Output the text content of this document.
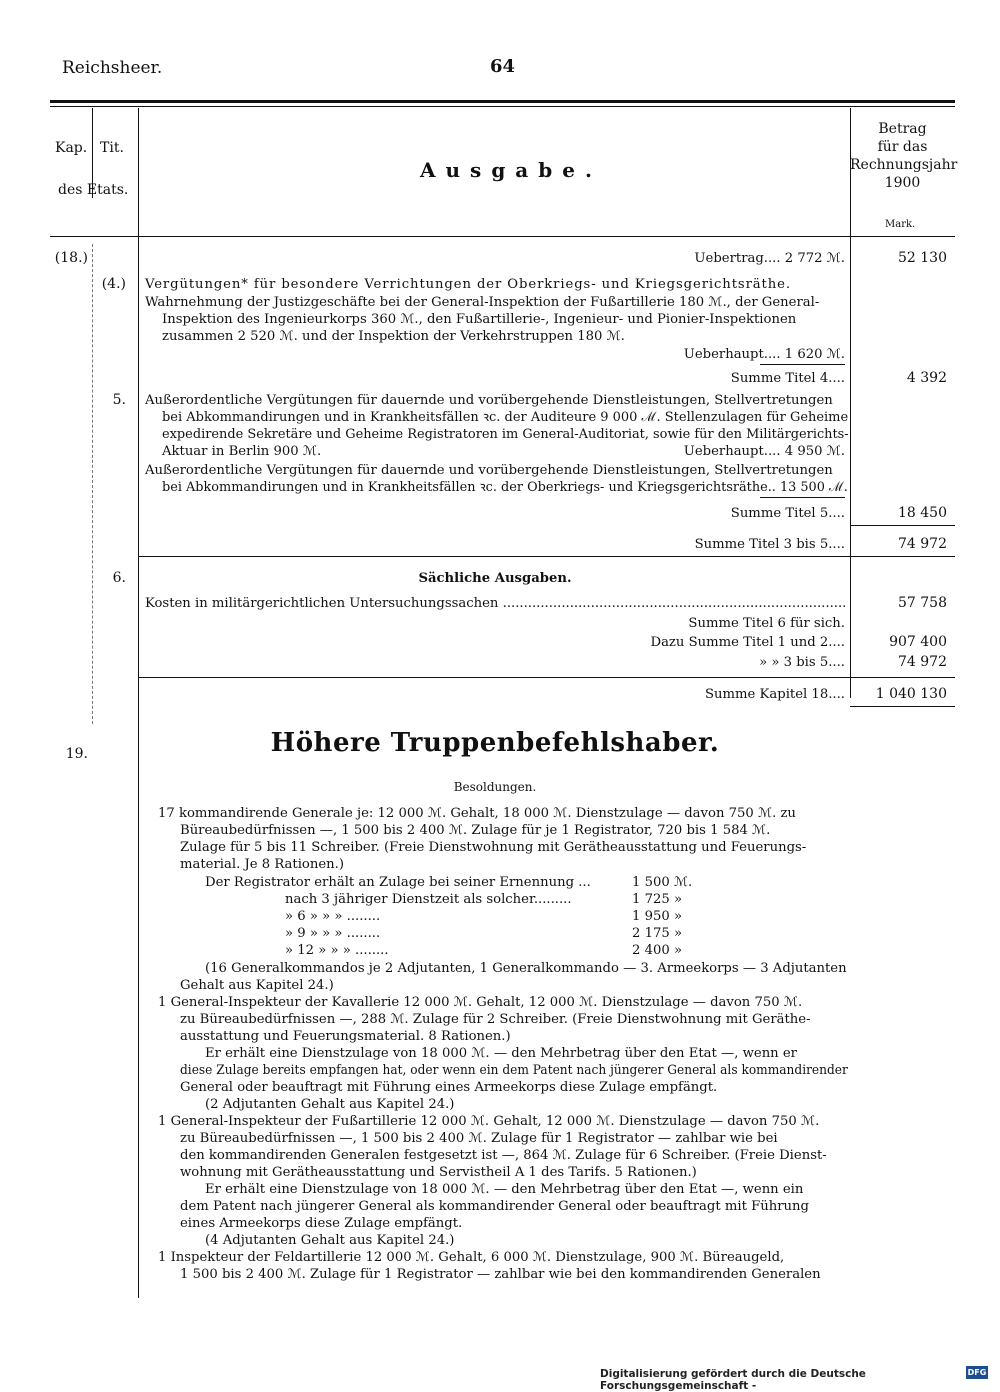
Reichsheer.	64
Kap. Tit.
des Etats.
Ausgabe.
Betrag
für das
Rechnungsjahr
1900
Mark.
(18.)	Uebertrag.... 2 772 ℳ.	52 130
(4.) Vergütungen* für besondere Verrichtungen der Oberkriegs- und Kriegsgerichtsräthe.
Wahrnehmung der Justizgeschäfte bei der General-Inspektion der Fußartillerie 180 ℳ., der General-
Inspektion des Ingenieurkorps 360 ℳ., den Fußartillerie-, Ingenieur- und Pionier-Inspektionen
zusammen 2 520 ℳ. und der Inspektion der Verkehrstruppen 180 ℳ.
Ueberhaupt.... 1 620 ℳ.
Summe Titel 4....	4 392
5. Außerordentliche Vergütungen für dauernde und vorübergehende Dienstleistungen, Stellvertretungen
bei Abkommandirungen und in Krankheitsfällen ꝛc. der Auditeure 9 000 ℳ. Stellenzulagen für Geheime
expedirende Sekretäre und Geheime Registratoren im General-Auditoriat, sowie für den Militärgerichts-
Aktuar in Berlin 900 ℳ.	Ueberhaupt.... 4 950 ℳ.
Außerordentliche Vergütungen für dauernde und vorübergehende Dienstleistungen, Stellvertretungen
bei Abkommandirungen und in Krankheitsfällen ꝛc. der Oberkriegs- und Kriegsgerichtsräthe.. 13 500 ℳ.
Summe Titel 5....	18 450
Summe Titel 3 bis 5....	74 972
6.	Sächliche Ausgaben.
Kosten in militärgerichtlichen Untersuchungssachen ..................................................................................	57 758
Summe Titel 6 für sich.
Dazu Summe Titel 1 und 2....	907 400
» » 3 bis 5....	74 972
Summe Kapitel 18....	1 040 130
19.	Höhere Truppenbefehlshaber.
Besoldungen.
17 kommandirende Generale je: 12 000 ℳ. Gehalt, 18 000 ℳ. Dienstzulage — davon 750 ℳ. zu
Büreaubedürfnissen —, 1 500 bis 2 400 ℳ. Zulage für je 1 Registrator, 720 bis 1 584 ℳ.
Zulage für 5 bis 11 Schreiber. (Freie Dienstwohnung mit Gerätheausstattung und Feuerungs-
material. Je 8 Rationen.)
Der Registrator erhält an Zulage bei seiner Ernennung ...	1 500 ℳ.
nach 3 jähriger Dienstzeit als solcher.........	1 725 »
» 6 » » » ........	1 950 »
» 9 » » » ........	2 175 »
» 12 » » » ........	2 400 »
(16 Generalkommandos je 2 Adjutanten, 1 Generalkommando — 3. Armeekorps — 3 Adjutanten
Gehalt aus Kapitel 24.)
1 General-Inspekteur der Kavallerie 12 000 ℳ. Gehalt, 12 000 ℳ. Dienstzulage — davon 750 ℳ.
zu Büreaubedürfnissen —, 288 ℳ. Zulage für 2 Schreiber. (Freie Dienstwohnung mit Geräthe-
ausstattung und Feuerungsmaterial. 8 Rationen.)
Er erhält eine Dienstzulage von 18 000 ℳ. — den Mehrbetrag über den Etat —, wenn er
diese Zulage bereits empfangen hat, oder wenn ein dem Patent nach jüngerer General als kommandirender
General oder beauftragt mit Führung eines Armeekorps diese Zulage empfängt.
(2 Adjutanten Gehalt aus Kapitel 24.)
1 General-Inspekteur der Fußartillerie 12 000 ℳ. Gehalt, 12 000 ℳ. Dienstzulage — davon 750 ℳ.
zu Büreaubedürfnissen —, 1 500 bis 2 400 ℳ. Zulage für 1 Registrator — zahlbar wie bei
den kommandirenden Generalen festgesetzt ist —, 864 ℳ. Zulage für 6 Schreiber. (Freie Dienst-
wohnung mit Gerätheausstattung und Servistheil A 1 des Tarifs. 5 Rationen.)
Er erhält eine Dienstzulage von 18 000 ℳ. — den Mehrbetrag über den Etat —, wenn ein
dem Patent nach jüngerer General als kommandirender General oder beauftragt mit Führung
eines Armeekorps diese Zulage empfängt.
(4 Adjutanten Gehalt aus Kapitel 24.)
1 Inspekteur der Feldartillerie 12 000 ℳ. Gehalt, 6 000 ℳ. Dienstzulage, 900 ℳ. Büreaugeld,
1 500 bis 2 400 ℳ. Zulage für 1 Registrator — zahlbar wie bei den kommandirenden Generalen
Digitalisierung gefördert durch die Deutsche Forschungsgemeinschaft -
DFG
